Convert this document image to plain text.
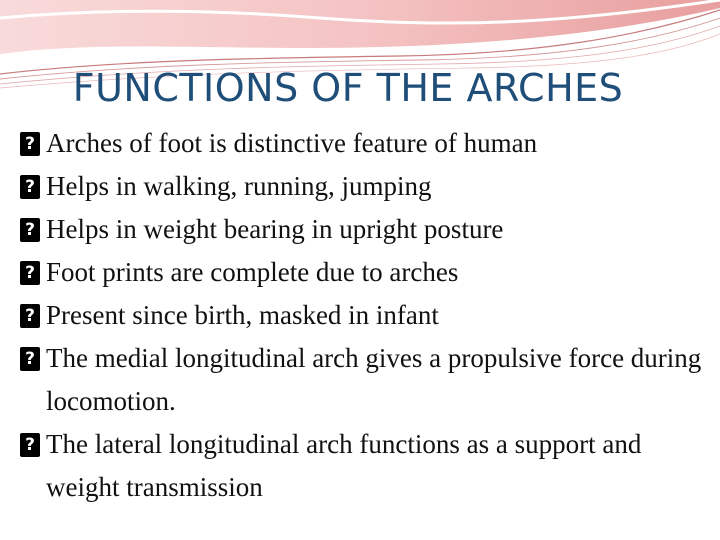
FUNCTIONS OF THE ARCHES
?
Arches of foot is distinctive feature of human
?
Helps in walking, running, jumping
?
Helps in weight bearing in upright posture
?
Foot prints are complete due to arches
?
Present since birth, masked in infant
?
The medial longitudinal arch gives a propulsive force during locomotion.
?
The lateral longitudinal arch functions as a support and weight transmission
